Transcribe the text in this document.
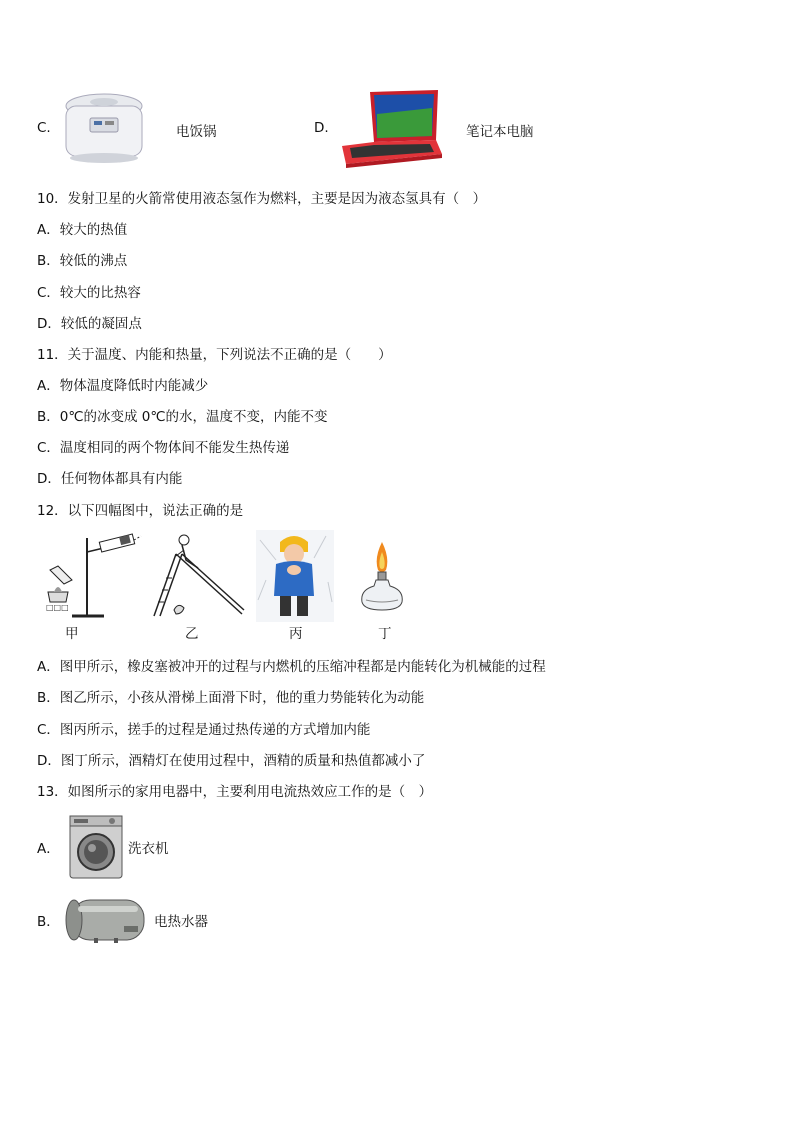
C.	电饭锅	D.	笔记本电脑
10．发射卫星的火箭常使用液态氢作为燃料，主要是因为液态氢具有（　）
A．较大的热值
B．较低的沸点
C．较大的比热容
D．较低的凝固点
11．关于温度、内能和热量，下列说法不正确的是（　　）
A．物体温度降低时内能减少
B．0℃的冰变成 0℃的水，温度不变，内能不变
C．温度相同的两个物体间不能发生热传递
D．任何物体都具有内能
12．以下四幅图中，说法正确的是
□□□
甲	乙	丙	丁
A．图甲所示，橡皮塞被冲开的过程与内燃机的压缩冲程都是内能转化为机械能的过程
B．图乙所示，小孩从滑梯上面滑下时，他的重力势能转化为动能
C．图丙所示，搓手的过程是通过热传递的方式增加内能
D．图丁所示，酒精灯在使用过程中，酒精的质量和热值都减小了
13．如图所示的家用电器中，主要利用电流热效应工作的是（　）
A．	洗衣机
B．	电热水器
